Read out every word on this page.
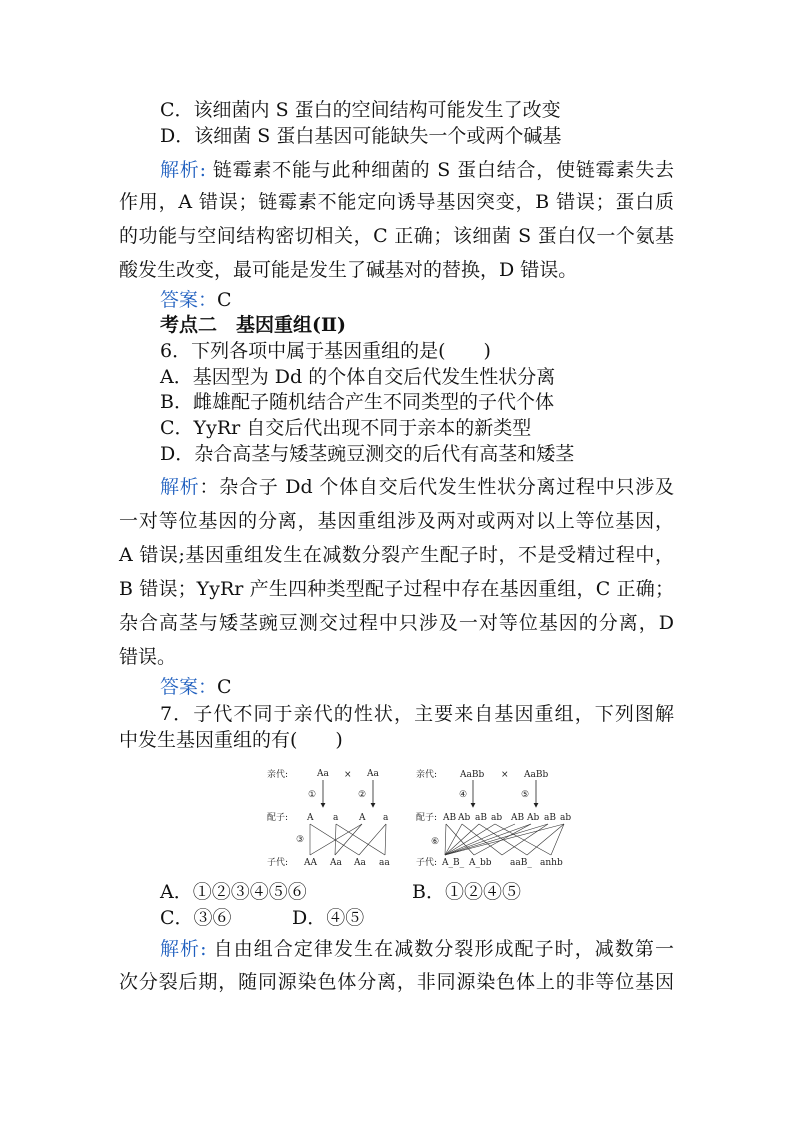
C．该细菌内 S 蛋白的空间结构可能发生了改变
D．该细菌 S 蛋白基因可能缺失一个或两个碱基
解析: 链霉素不能与此种细菌的 S 蛋白结合，使链霉素失去
作用，A 错误；链霉素不能定向诱导基因突变，B 错误；蛋白质
的功能与空间结构密切相关，C 正确；该细菌 S 蛋白仅一个氨基
酸发生改变，最可能是发生了碱基对的替换，D 错误。
答案：C
考点二　基因重组(Ⅱ)
6．下列各项中属于基因重组的是(　　)
A．基因型为 Dd 的个体自交后代发生性状分离
B．雌雄配子随机结合产生不同类型的子代个体
C．YyRr 自交后代出现不同于亲本的新类型
D．杂合高茎与矮茎豌豆测交的后代有高茎和矮茎
解析：杂合子 Dd 个体自交后代发生性状分离过程中只涉及
一对等位基因的分离，基因重组涉及两对或两对以上等位基因，
A 错误;基因重组发生在减数分裂产生配子时，不是受精过程中，
B 错误；YyRr 产生四种类型配子过程中存在基因重组，C 正确；
杂合高茎与矮茎豌豆测交过程中只涉及一对等位基因的分离，D
错误。
答案：C
7．子代不同于亲代的性状，主要来自基因重组，下列图解
中发生基因重组的有(　　)
亲代:	Aa × Aa
①	②
配子: A a A a
③
子代: AA Aa Aa aa
亲代:	AaBb × AaBb
④	⑤
配子: AB Ab aB ab AB Ab aB ab
⑥
子代: A_B_ A_bb aaB_ anhb
A．①②③④⑤⑥	B．①②④⑤
C．③⑥	D．④⑤
解析: 自由组合定律发生在减数分裂形成配子时，减数第一
次分裂后期，随同源染色体分离，非同源染色体上的非等位基因
